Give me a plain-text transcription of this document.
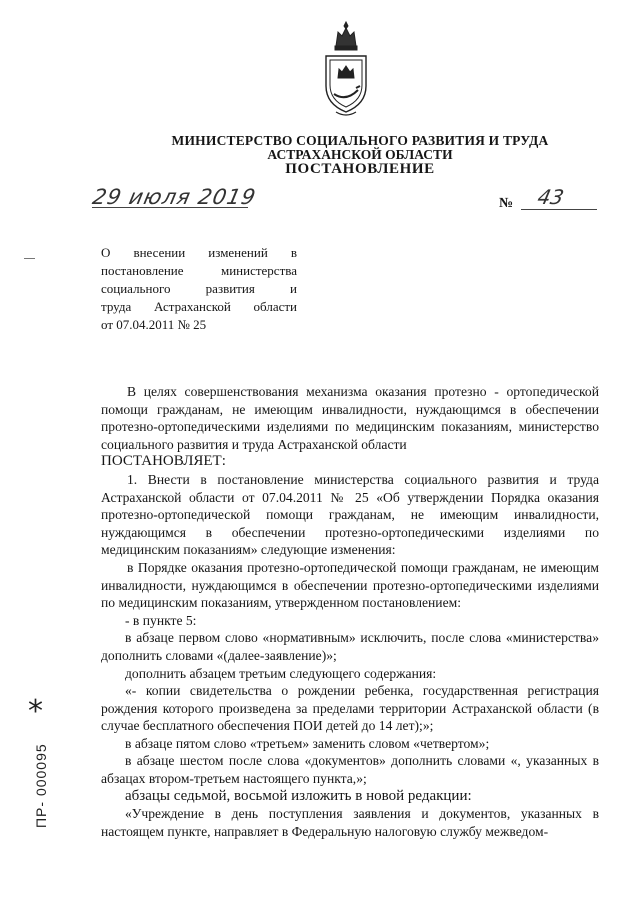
МИНИСТЕРСТВО СОЦИАЛЬНОГО РАЗВИТИЯ И ТРУДА
АСТРАХАНСКОЙ ОБЛАСТИ
ПОСТАНОВЛЕНИЕ
29 июля 2019	№ 43
О внесении изменений в
постановление министерства
социального развития и
труда Астраханской области
от 07.04.2011 № 25

В целях совершенствования механизма оказания протезно - ортопедической помощи гражданам, не имеющим инвалидности, нуждающимся в обеспечении протезно-ортопедическими изделиями по медицинским показаниям, министерство социального развития и труда Астраханской области

ПОСТАНОВЛЯЕТ:

1. Внести в постановление министерства социального развития и труда Астраханской области от 07.04.2011 № 25 «Об утверждении Порядка оказания протезно-ортопедической помощи гражданам, не имеющим инвалидности, нуждающимся в обеспечении протезно-ортопедическими изделиями по медицинским показаниям» следующие изменения:

в Порядке оказания протезно-ортопедической помощи гражданам, не имеющим инвалидности, нуждающимся в обеспечении протезно-ортопедическими изделиями по медицинским показаниям, утвержденном постановлением:

- в пункте 5:

в абзаце первом слово «нормативным» исключить, после слова «министерства» дополнить словами «(далее-заявление)»;

дополнить абзацем третьим следующего содержания:

«- копии свидетельства о рождении ребенка, государственная регистрация рождения которого произведена за пределами территории Астраханской области (в случае бесплатного обеспечения ПОИ детей до 14 лет);»;

в абзаце пятом слово «третьем» заменить словом «четвертом»;

в абзаце шестом после слова «документов» дополнить словами «, указанных в абзацах втором-третьем настоящего пункта,»;

абзацы седьмой, восьмой изложить в новой редакции:

«Учреждение в день поступления заявления и документов, указанных в настоящем пункте, направляет в Федеральную налоговую службу межведом-

*
ПР- 000095
